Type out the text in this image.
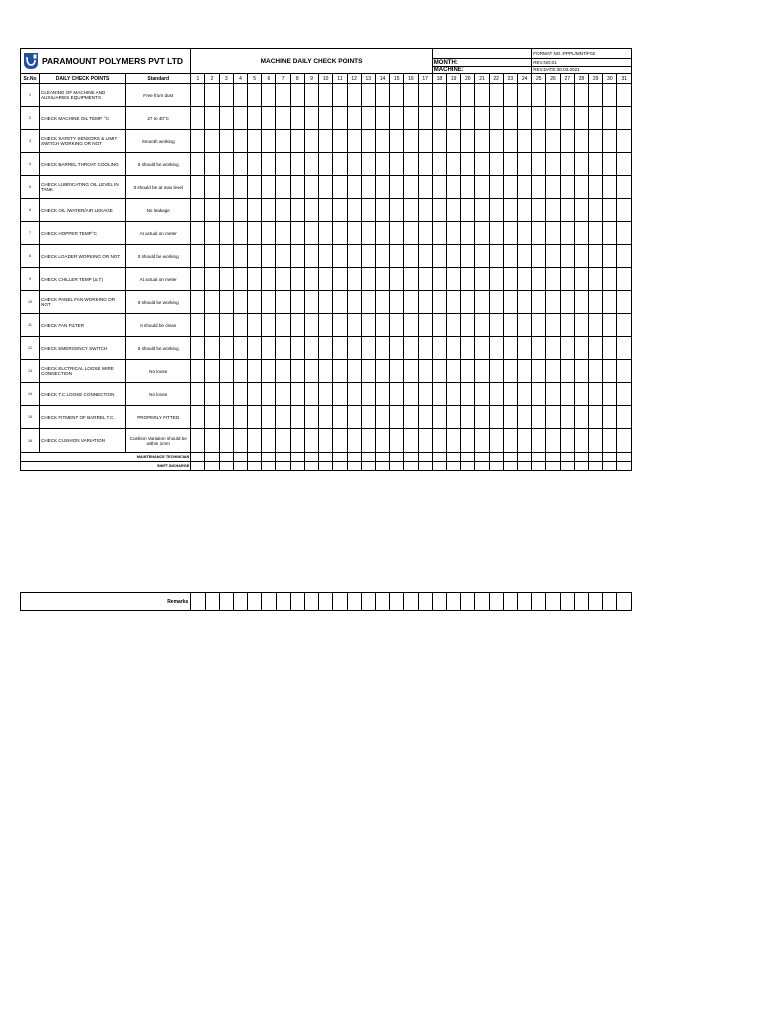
PARAMOUNT POLYMERS PVT LTD			MACHINE DAILY CHECK POINTS																								FORMAT NO.:PPPL/MNT/F02						
																				MONTH:							REV.NO:01						
																				MACHINE:							REV.DATE:30.03.2021						
Sr.No	DAILY CHECK POINTS	Standard	1	2	3	4	5	6	7	8	9	10	11	12	13	14	15	16	17	18	19	20	21	22	23	24	25	26	27	28	29	30	31
1	CLEANING OF MACHINE AND AUXILIARIES EQUIPMENTS	Free from dust																															
2	CHECK MACHINE OIL TEMP. °C	27 to 40°C																															
3	CHECK SAFETY SENSORS & LIMIT SWITCH WORKING OR NOT	Smooth working																															
4	CHECK BARREL THROAT COOLING	It should be working																															
5	CHECK LUBRICATING OIL LEVEL IN TANK	It should be at max level																															
6	CHECK OIL /WATER/AIR LEKAGE	No leakage																															
7	CHECK HOPPER TEMP°C	At actual on meter																															
8	CHECK LOADER WORKING OR NOT	It should be working																															
9	CHECK CHILLER TEMP (Δ T)	At actual on meter																															
10	CHECK PANEL FAN WORKING OR NOT	It should be working																															
11	CHECK FAN FILTER	It should be clean																															
12	CHECK EMERGENCY SWITCH	It should be working																															
13	CHECK ELCTRICAL LOOSE WIRE CONNECTION	No loose																															
14	CHECK T.C LOOSE CONNECTION	No loose																															
15	CHECK FITMENT OF BARREL T.C.	PROPERLY FITTED																															
16	CHECK CUSHION VARIATION	Cushion Variation should be within 1mm																															
MAINTENANCE TECHNICIAN																																	
SHIFT INCHARGE																																	
Remarks																															
